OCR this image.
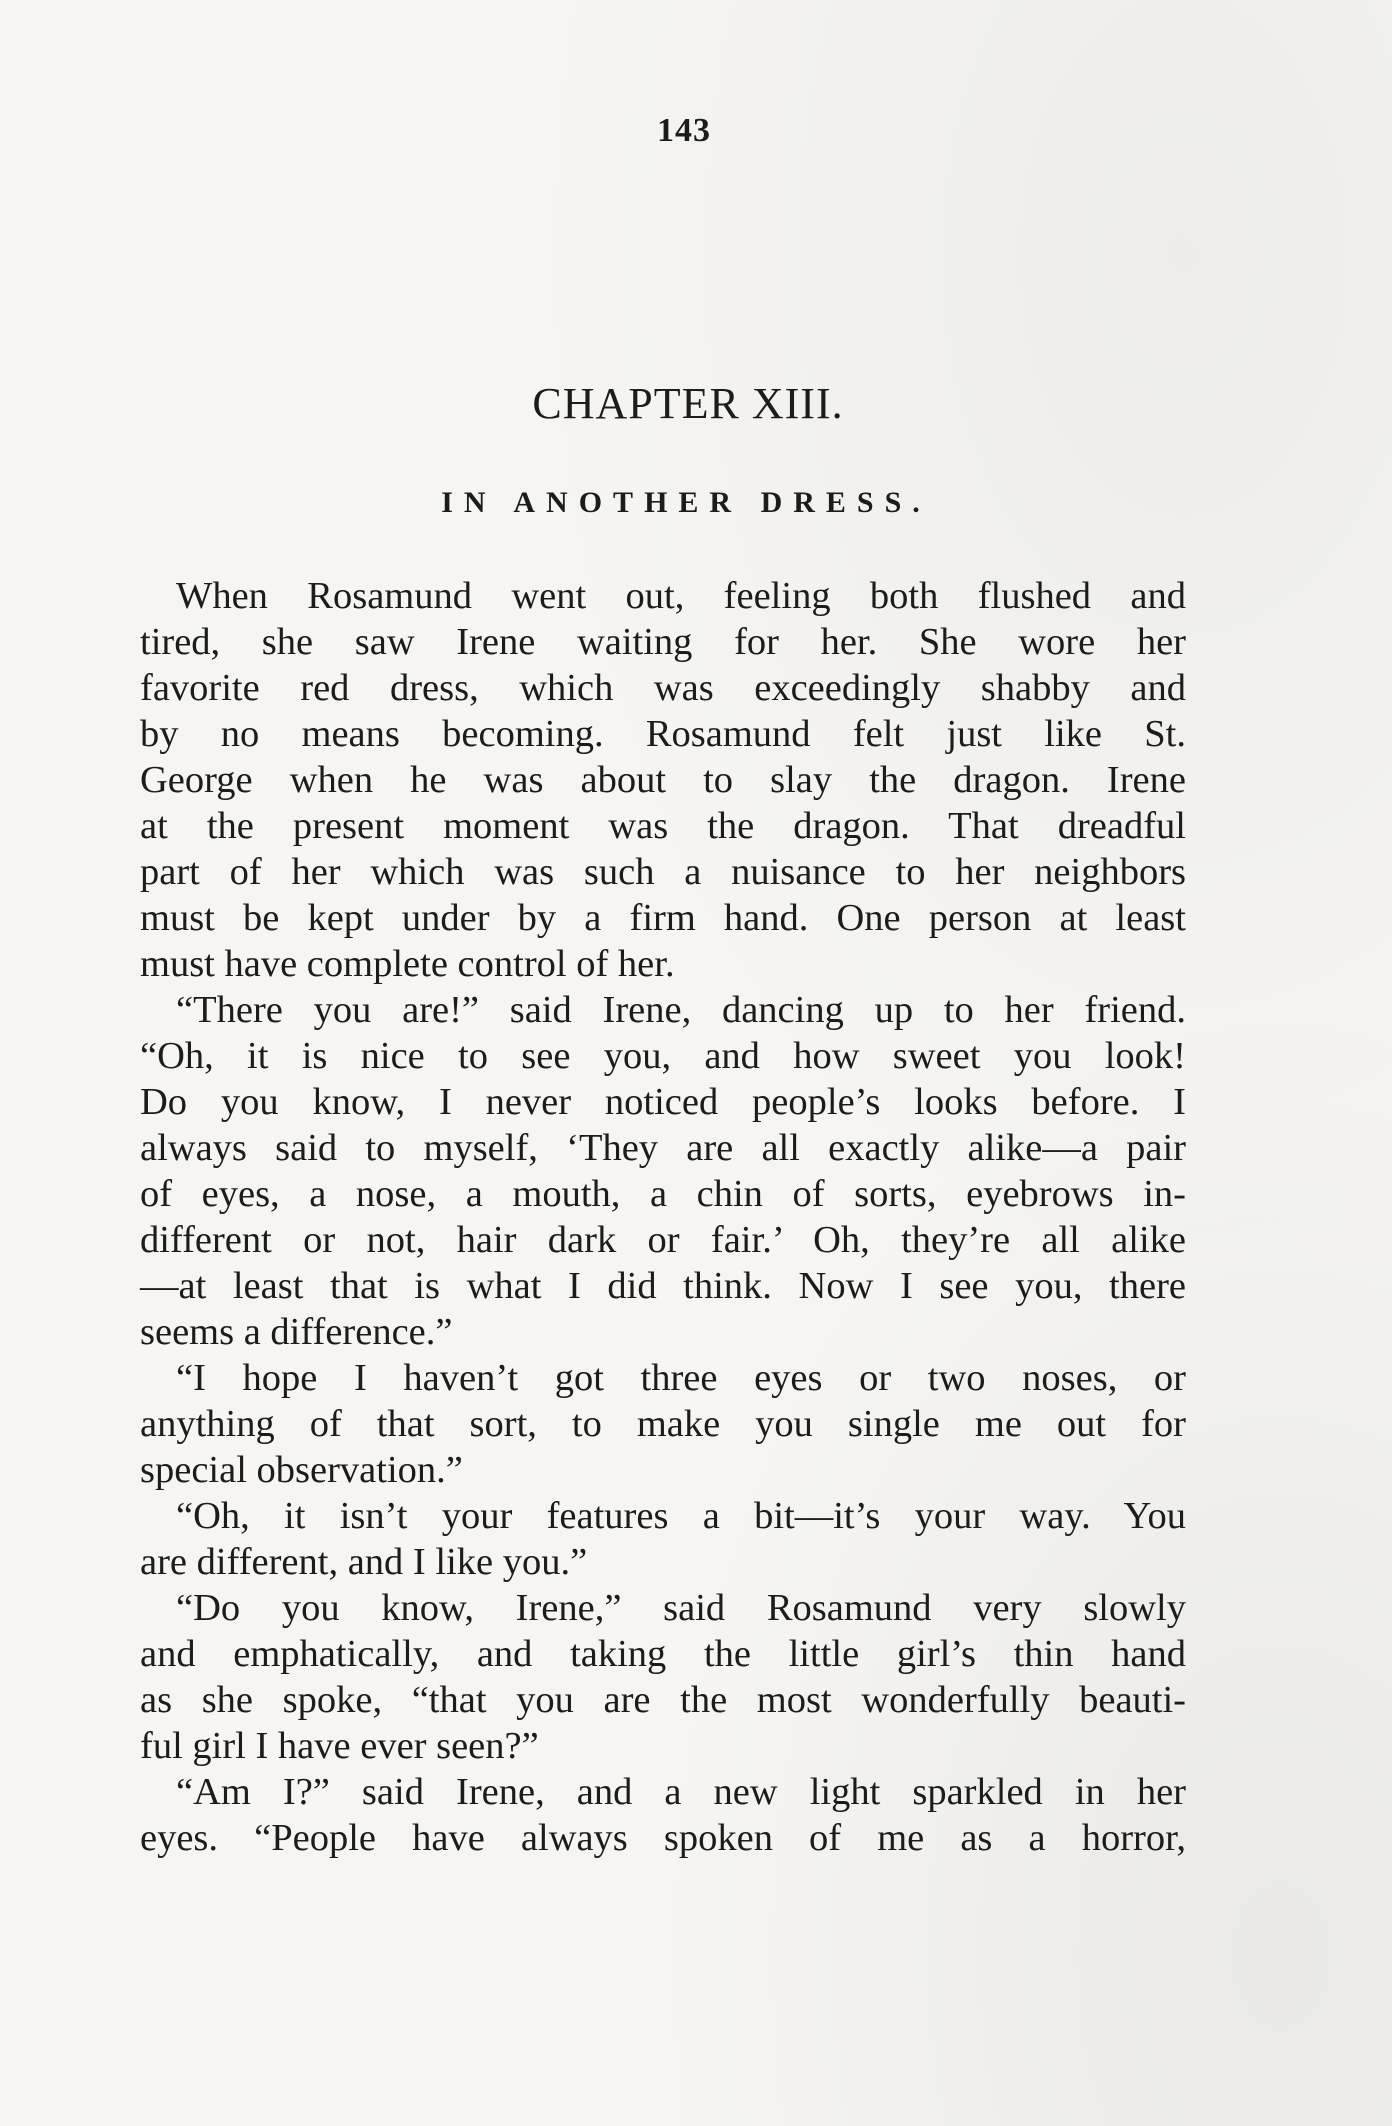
143
CHAPTER XIII.
IN ANOTHER DRESS.
When Rosamund went out, feeling both flushed and
tired, she saw Irene waiting for her. She wore her
favorite red dress, which was exceedingly shabby and
by no means becoming. Rosamund felt just like St.
George when he was about to slay the dragon. Irene
at the present moment was the dragon. That dreadful
part of her which was such a nuisance to her neighbors
must be kept under by a firm hand. One person at least
must have complete control of her.
“There you are!” said Irene, dancing up to her friend.
“Oh, it is nice to see you, and how sweet you look!
Do you know, I never noticed people’s looks before. I
always said to myself, ‘They are all exactly alike—a pair
of eyes, a nose, a mouth, a chin of sorts, eyebrows in-
different or not, hair dark or fair.’ Oh, they’re all alike
—at least that is what I did think. Now I see you, there
seems a difference.”
“I hope I haven’t got three eyes or two noses, or
anything of that sort, to make you single me out for
special observation.”
“Oh, it isn’t your features a bit—it’s your way. You
are different, and I like you.”
“Do you know, Irene,” said Rosamund very slowly
and emphatically, and taking the little girl’s thin hand
as she spoke, “that you are the most wonderfully beauti-
ful girl I have ever seen?”
“Am I?” said Irene, and a new light sparkled in her
eyes. “People have always spoken of me as a horror,
